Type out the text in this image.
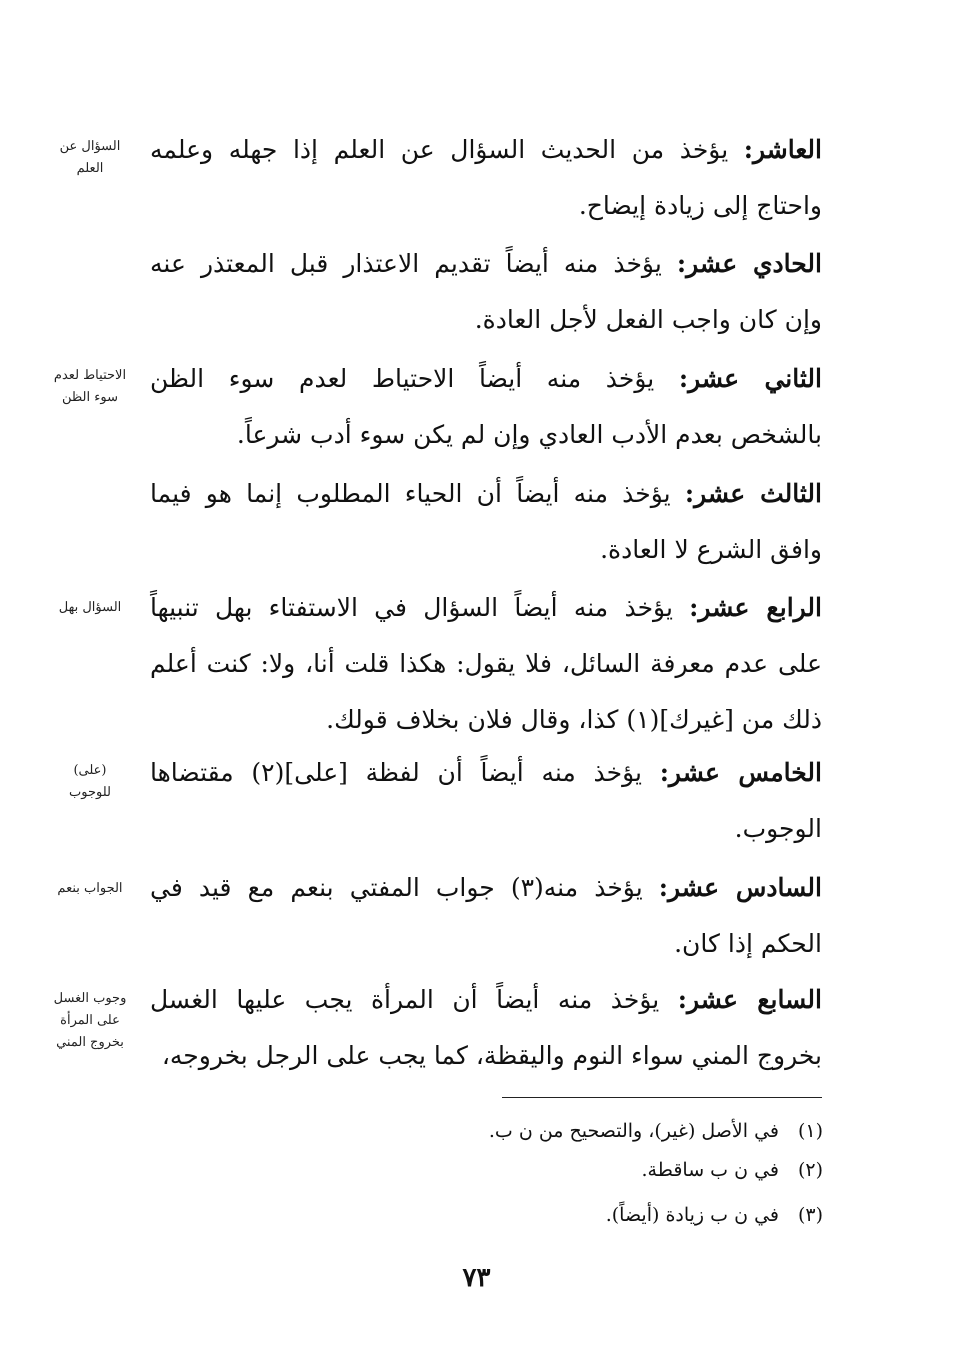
العاشر: يؤخذ من الحديث السؤال عن العلم إذا جهله وعلمه
واحتاج إلى زيادة إيضاح.
السؤال عن
العلم
الحادي عشر: يؤخذ منه أيضاً تقديم الاعتذار قبل المعتذر عنه
وإن كان واجب الفعل لأجل العادة.
الثاني عشر: يؤخذ منه أيضاً الاحتياط لعدم سوء الظن
بالشخص بعدم الأدب العادي وإن لم يكن سوء أدب شرعاً.
الاحتياط لعدم
سوء الظن
الثالث عشر: يؤخذ منه أيضاً أن الحياء المطلوب إنما هو فيما
وافق الشرع لا العادة.
الرابع عشر: يؤخذ منه أيضاً السؤال في الاستفتاء بهل تنبيهاً
على عدم معرفة السائل، فلا يقول: هكذا قلت أنا، ولا: كنت أعلم
ذلك من [غيرك](١) كذا، وقال فلان بخلاف قولك.
السؤال بهل
الخامس عشر: يؤخذ منه أيضاً أن لفظة [على](٢) مقتضاها
الوجوب.
(على)
للوجوب
السادس عشر: يؤخذ منه(٣) جواب المفتي بنعم مع قيد في
الحكم إذا كان.
الجواب بنعم
السابع عشر: يؤخذ منه أيضاً أن المرأة يجب عليها الغسل
بخروج المني سواء النوم واليقظة، كما يجب على الرجل بخروجه،
وجوب الغسل
على المرأة
بخروج المني
(١)في الأصل (غير)، والتصحيح من ن ب.
(٢)في ن ب ساقطة.
(٣)في ن ب زيادة (أيضاً).
٧٣
